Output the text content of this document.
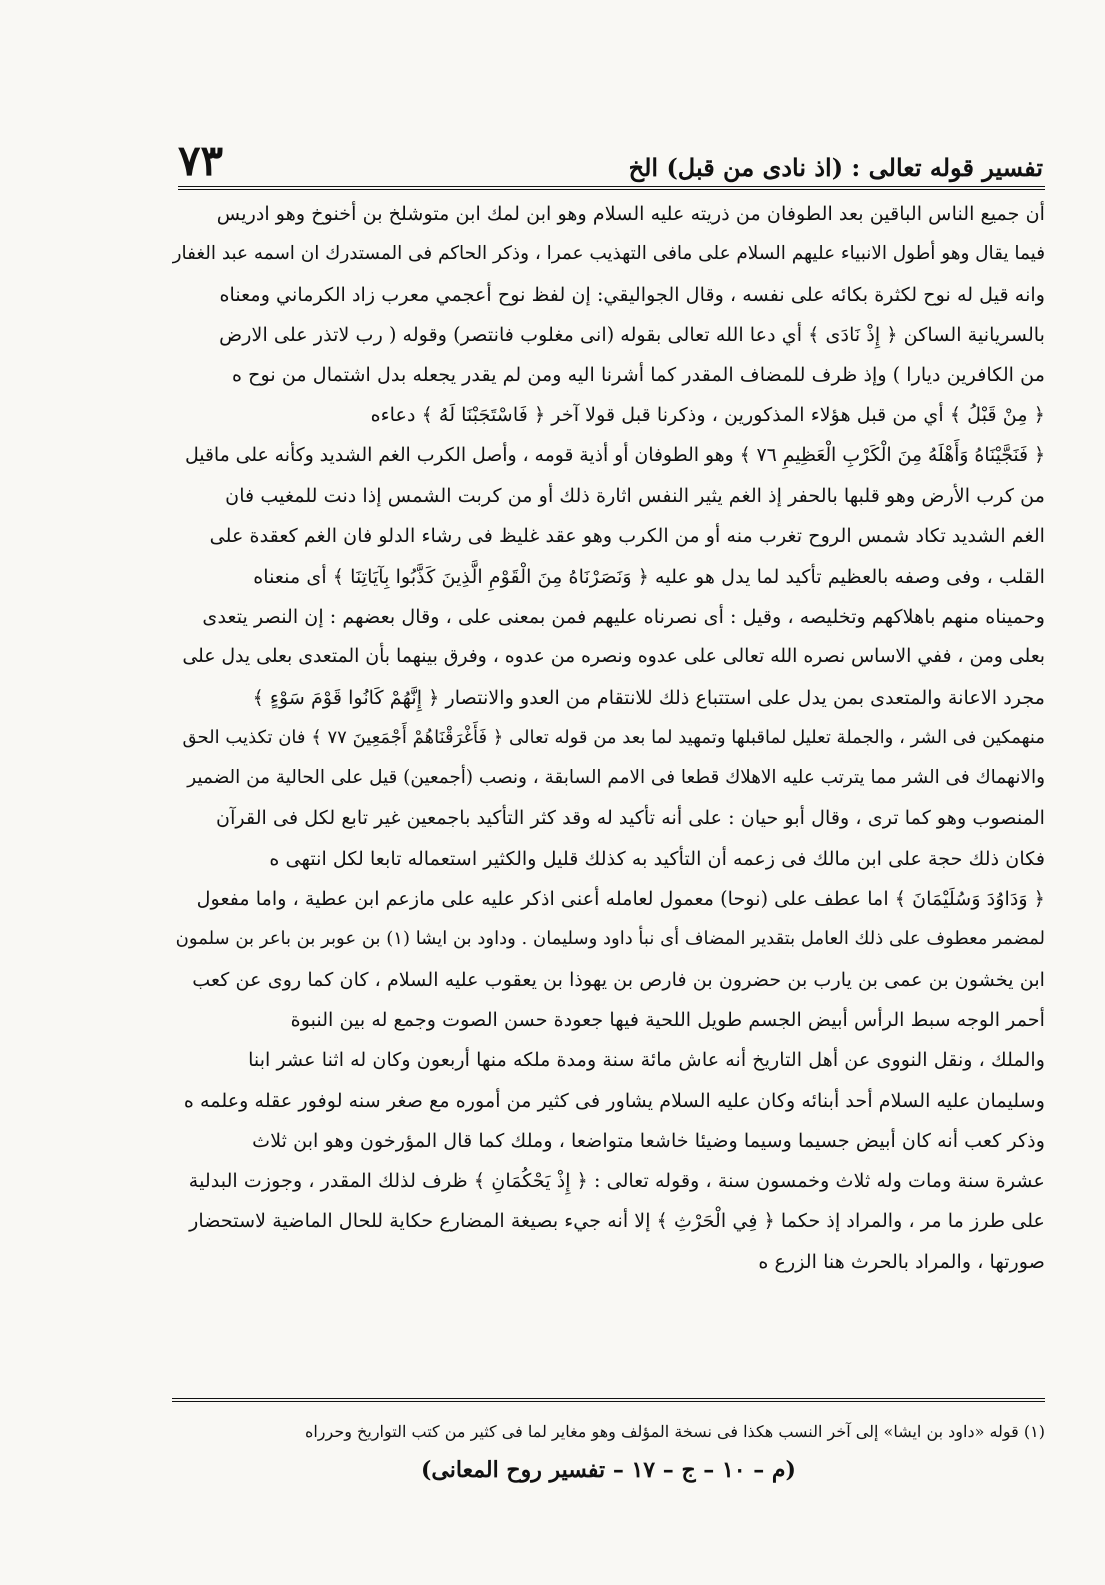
تفسير قوله تعالى : (اذ نادى من قبل) الخ
٧٣
أن جميع الناس الباقين بعد الطوفان من ذريته عليه السلام وهو ابن لمك ابن متوشلخ بن أخنوخ وهو ادريس
فيما يقال وهو أطول الانبياء عليهم السلام على مافى التهذيب عمرا ، وذكر الحاكم فى المستدرك ان اسمه عبد الغفار
وانه قيل له نوح لكثرة بكائه على نفسه ، وقال الجواليقي: إن لفظ نوح أعجمي معرب زاد الكرماني ومعناه
بالسريانية الساكن ﴿ إِذْ نَادَى ﴾ أي دعا الله تعالى بقوله (انى مغلوب فانتصر) وقوله ( رب لاتذر على الارض
من الكافرين ديارا ) وإذ ظرف للمضاف المقدر كما أشرنا اليه ومن لم يقدر يجعله بدل اشتمال من نوح ه
﴿ مِنْ قَبْلُ ﴾ أي من قبل هؤلاء المذكورين ، وذكرنا قبل قولا آخر ﴿ فَاسْتَجَبْنَا لَهُ ﴾ دعاءه
﴿ فَنَجَّيْنَاهُ وَأَهْلَهُ مِنَ الْكَرْبِ الْعَظِيمِ ٧٦ ﴾ وهو الطوفان أو أذية قومه ، وأصل الكرب الغم الشديد وكأنه على ماقيل
من كرب الأرض وهو قلبها بالحفر إذ الغم يثير النفس اثارة ذلك أو من كربت الشمس إذا دنت للمغيب فان
الغم الشديد تكاد شمس الروح تغرب منه أو من الكرب وهو عقد غليظ فى رشاء الدلو فان الغم كعقدة على
القلب ، وفى وصفه بالعظيم تأكيد لما يدل هو عليه ﴿ وَنَصَرْنَاهُ مِنَ الْقَوْمِ الَّذِينَ كَذَّبُوا بِآيَاتِنَا ﴾ أى منعناه
وحميناه منهم باهلاكهم وتخليصه ، وقيل : أى نصرناه عليهم فمن بمعنى على ، وقال بعضهم : إن النصر يتعدى
بعلى ومن ، ففي الاساس نصره الله تعالى على عدوه ونصره من عدوه ، وفرق بينهما بأن المتعدى بعلى يدل على
مجرد الاعانة والمتعدى بمن يدل على استتباع ذلك للانتقام من العدو والانتصار ﴿ إِنَّهُمْ كَانُوا قَوْمَ سَوْءٍ ﴾
منهمكين فى الشر ، والجملة تعليل لماقبلها وتمهيد لما بعد من قوله تعالى ﴿ فَأَغْرَقْنَاهُمْ أَجْمَعِينَ ٧٧ ﴾ فان تكذيب الحق
والانهماك فى الشر مما يترتب عليه الاهلاك قطعا فى الامم السابقة ، ونصب (أجمعين) قيل على الحالية من الضمير
المنصوب وهو كما ترى ، وقال أبو حيان : على أنه تأكيد له وقد كثر التأكيد باجمعين غير تابع لكل فى القرآن
فكان ذلك حجة على ابن مالك فى زعمه أن التأكيد به كذلك قليل والكثير استعماله تابعا لكل انتهى ه
﴿ وَدَاوُدَ وَسُلَيْمَانَ ﴾ اما عطف على (نوحا) معمول لعامله أعنى اذكر عليه على مازعم ابن عطية ، واما مفعول
لمضمر معطوف على ذلك العامل بتقدير المضاف أى نبأ داود وسليمان . وداود بن ايشا (١) بن عوبر بن باعر بن سلمون
ابن يخشون بن عمى بن يارب بن حضرون بن فارص بن يهوذا بن يعقوب عليه السلام ، كان كما روى عن كعب
أحمر الوجه سبط الرأس أبيض الجسم طويل اللحية فيها جعودة حسن الصوت وجمع له بين النبوة
والملك ، ونقل النووى عن أهل التاريخ أنه عاش مائة سنة ومدة ملكه منها أربعون وكان له اثنا عشر ابنا
وسليمان عليه السلام أحد أبنائه وكان عليه السلام يشاور فى كثير من أموره مع صغر سنه لوفور عقله وعلمه ه
وذكر كعب أنه كان أبيض جسيما وسيما وضيئا خاشعا متواضعا ، وملك كما قال المؤرخون وهو ابن ثلاث
عشرة سنة ومات وله ثلاث وخمسون سنة ، وقوله تعالى : ﴿ إِذْ يَحْكُمَانِ ﴾ ظرف لذلك المقدر ، وجوزت البدلية
على طرز ما مر ، والمراد إذ حكما ﴿ فِي الْحَرْثِ ﴾ إلا أنه جيء بصيغة المضارع حكاية للحال الماضية لاستحضار
صورتها ، والمراد بالحرث هنا الزرع ه
(١) قوله «داود بن ايشا» إلى آخر النسب هكذا فى نسخة المؤلف وهو مغاير لما فى كثير من كتب التواريخ وحرراه
(م – ١٠ – ج – ١٧ – تفسير روح المعانى)
